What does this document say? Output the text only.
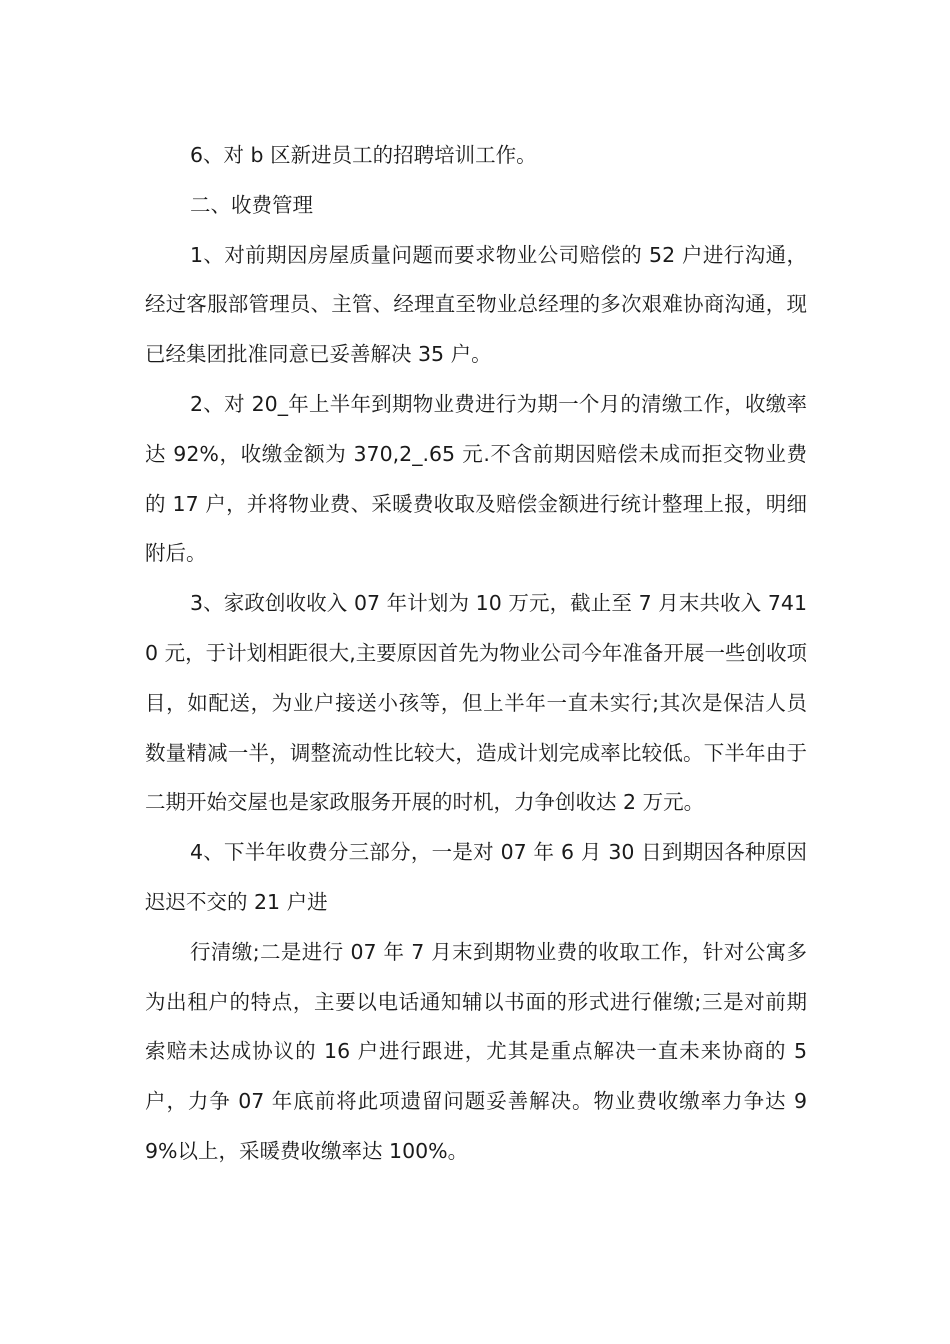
6、对 b 区新进员工的招聘培训工作。

二、收费管理

1、对前期因房屋质量问题而要求物业公司赔偿的 52 户进行沟通，经过客服部管理员、主管、经理直至物业总经理的多次艰难协商沟通，现已经集团批准同意已妥善解决 35 户。

2、对 20_年上半年到期物业费进行为期一个月的清缴工作，收缴率达 92%，收缴金额为 370,2_.65 元.不含前期因赔偿未成而拒交物业费的 17 户，并将物业费、采暖费收取及赔偿金额进行统计整理上报，明细附后。

3、家政创收收入 07 年计划为 10 万元，截止至 7 月末共收入 7410 元，于计划相距很大,主要原因首先为物业公司今年准备开展一些创收项目，如配送，为业户接送小孩等，但上半年一直未实行;其次是保洁人员数量精减一半，调整流动性比较大，造成计划完成率比较低。下半年由于二期开始交屋也是家政服务开展的时机，力争创收达 2 万元。

4、下半年收费分三部分，一是对 07 年 6 月 30 日到期因各种原因迟迟不交的 21 户进

行清缴;二是进行 07 年 7 月末到期物业费的收取工作，针对公寓多为出租户的特点，主要以电话通知辅以书面的形式进行催缴;三是对前期索赔未达成协议的 16 户进行跟进，尤其是重点解决一直未来协商的 5 户，力争 07 年底前将此项遗留问题妥善解决。物业费收缴率力争达 99%以上，采暖费收缴率达 100%。
